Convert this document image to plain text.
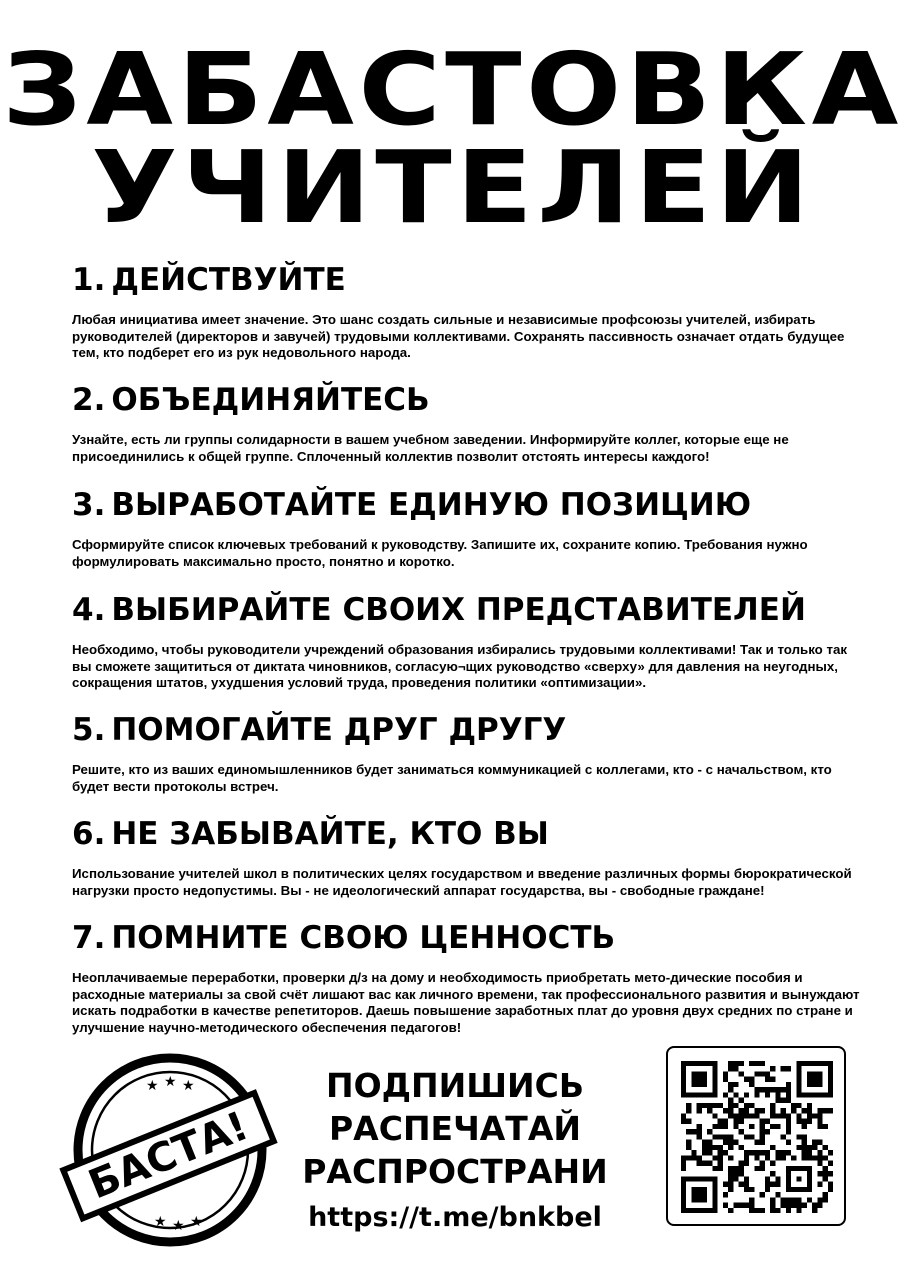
ЗАБАСТОВКА
УЧИТЕЛЕЙ
1. ДЕЙСТВУЙТЕ

Любая инициатива имеет значение. Это шанс создать сильные и независимые профсоюзы учителей, избирать руководителей (директоров и завучей) трудовыми коллективами. Сохранять пассивность означает отдать будущее тем, кто подберет его из рук недовольного народа.

2. ОБЪЕДИНЯЙТЕСЬ

Узнайте, есть ли группы солидарности в вашем учебном заведении. Информируйте коллег, которые еще не присоединились к общей группе. Сплоченный коллектив позволит отстоять интересы каждого!

3. ВЫРАБОТАЙТЕ ЕДИНУЮ ПОЗИЦИЮ

Сформируйте список ключевых требований к руководству. Запишите их, сохраните копию. Требования нужно формулировать максимально просто, понятно и коротко.

4. ВЫБИРАЙТЕ СВОИХ ПРЕДСТАВИТЕЛЕЙ

Необходимо, чтобы руководители учреждений образования избирались трудовыми коллективами! Так и только так вы сможете защититься от диктата чиновников, согласую¬щих руководство «сверху» для давления на неугодных, сокращения штатов, ухудшения условий труда, проведения политики «оптимизации».

5. ПОМОГАЙТЕ ДРУГ ДРУГУ

Решите, кто из ваших единомышленников будет заниматься коммуникацией с коллегами, кто - с начальством, кто будет вести протоколы встреч.

6. НЕ ЗАБЫВАЙТЕ, КТО ВЫ

Использование учителей школ в политических целях государством и введение различных формы бюрократической нагрузки просто недопустимы. Вы - не идеологический аппарат государства, вы - свободные граждане!

7. ПОМНИТЕ СВОЮ ЦЕННОСТЬ

Неоплачиваемые переработки, проверки д/з на дому и необходимость приобретать мето-дические пособия и расходные материалы за свой счёт лишают вас как личного времени, так профессионального развития и вынуждают искать подработки в качестве репетиторов. Даешь повышение заработных плат до уровня двух средних по стране и улучшение научно-методического обеспечения педагогов!

★ ★ ★
★ ★ ★
БАСТА!
ПОДПИШИСЬ
РАСПЕЧАТАЙ
РАСПРОСТРАНИ
https://t.me/bnkbel
